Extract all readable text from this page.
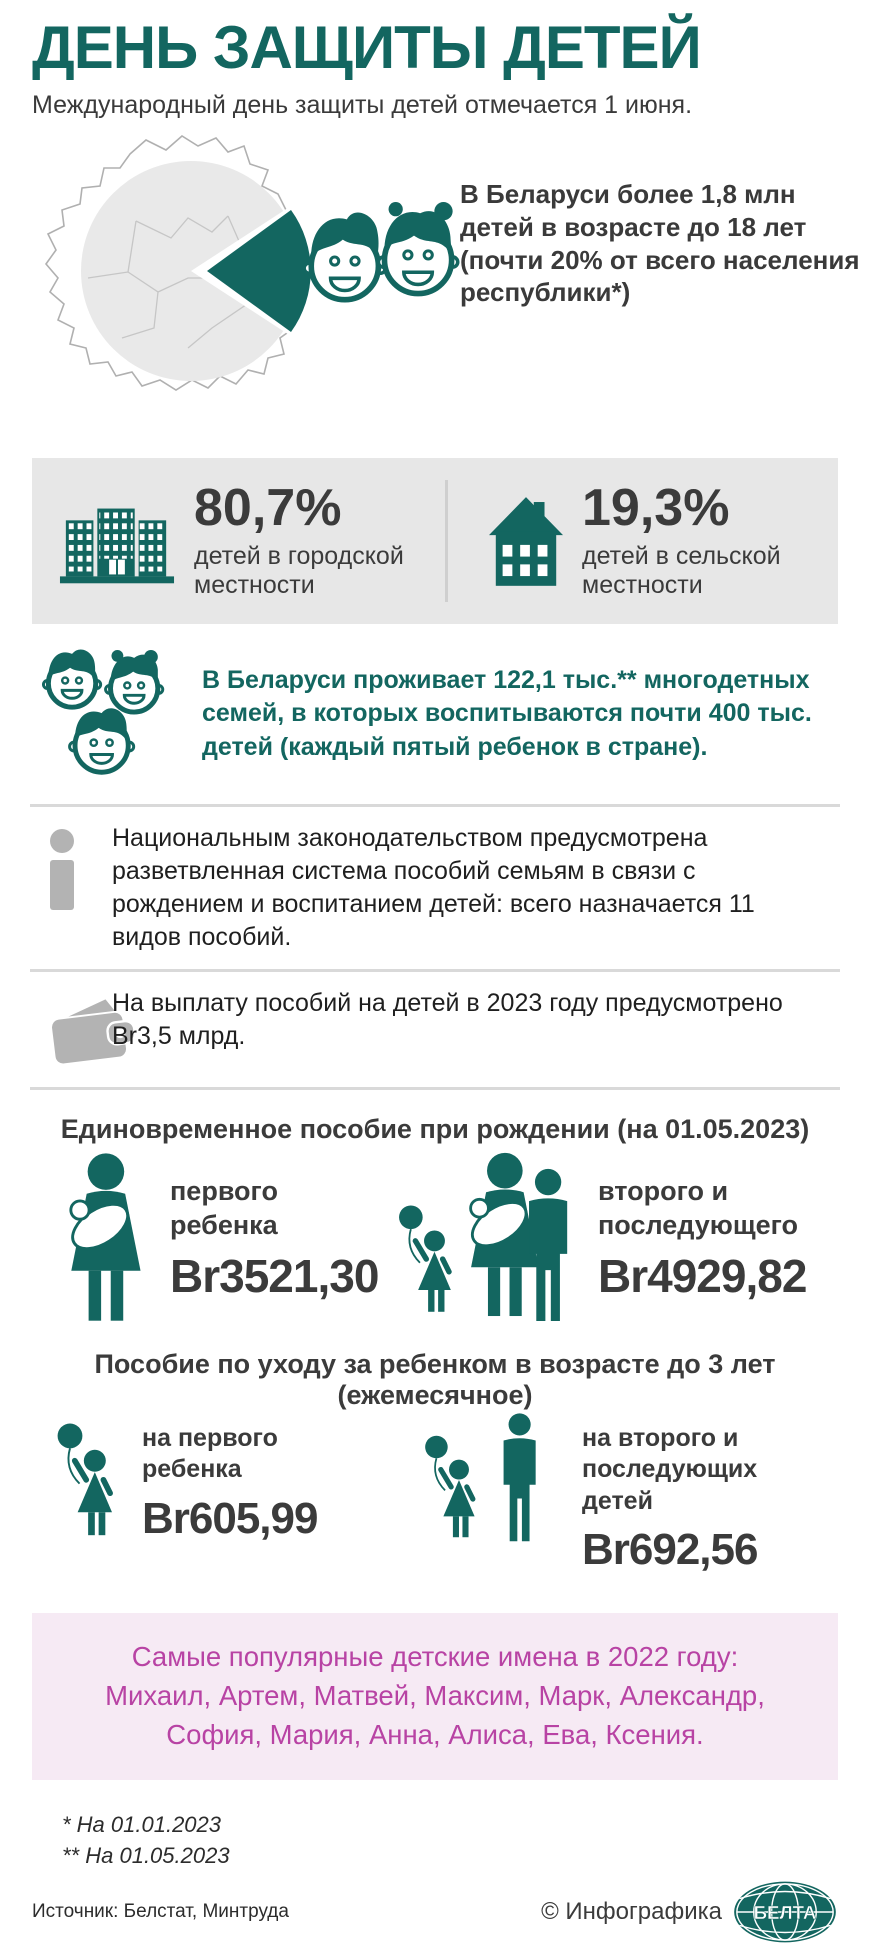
ДЕНЬ ЗАЩИТЫ ДЕТЕЙ
Международный день защиты детей отмечается 1 июня.
В Беларуси более 1,8 млн детей в возрасте до 18 лет (почти 20% от всего населения республики*)
80,7%
детей в городской местности
19,3%
детей в сельской местности
В Беларуси проживает 122,1 тыс.** многодетных семей, в которых воспитываются почти 400 тыс. детей (каждый пятый ребенок в стране).
Национальным законодательством предусмотрена разветвленная система пособий семьям в связи с рождением и воспитанием детей: всего назначается 11 видов пособий.
На выплату пособий на детей в 2023 году предусмотрено Br3,5 млрд.
Единовременное пособие при рождении (на 01.05.2023)
первого ребенка
Br3521,30
второго и последующего
Br4929,82
Пособие по уходу за ребенком в возрасте до 3 лет (ежемесячное)
на первого ребенка
Br605,99
на второго и последующих детей
Br692,56
Самые популярные детские имена в 2022 году: Михаил, Артем, Матвей, Максим, Марк, Александр, София, Мария, Анна, Алиса, Ева, Ксения.
* На 01.01.2023
** На 01.05.2023
Источник: Белстат, Минтруда	© Инфографика БЕЛТА
